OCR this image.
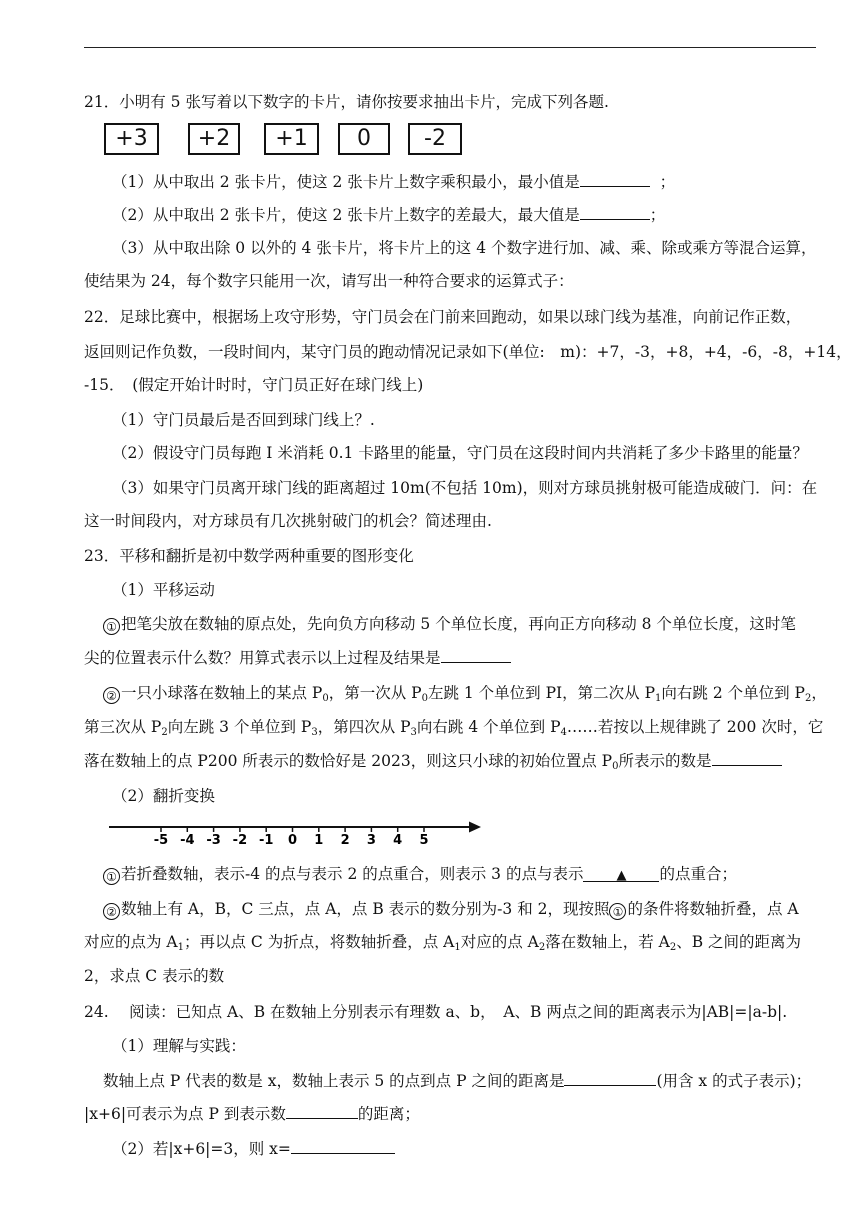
21．小明有 5 张写着以下数字的卡片，请你按要求抽出卡片，完成下列各题.
+3	+2	+1	0	-2
（1）从中取出 2 张卡片，使这 2 张卡片上数字乘积最小，最小值是	；
（2）从中取出 2 张卡片，使这 2 张卡片上数字的差最大，最大值是	；
（3）从中取出除 0 以外的 4 张卡片，将卡片上的这 4 个数字进行加、减、乘、除或乘方等混合运算，
使结果为 24，每个数字只能用一次，请写出一种符合要求的运算式子：
22．足球比赛中，根据场上攻守形势，守门员会在门前来回跑动，如果以球门线为基准，向前记作正数，
返回则记作负数，一段时间内，某守门员的跑动情况记录如下(单位:　m)：+7，-3，+8，+4，-6，-8，+14，
-15．　(假定开始计时时，守门员正好在球门线上)
（1）守门员最后是否回到球门线上？.
（2）假设守门员每跑 I 米消耗 0.1 卡路里的能量，守门员在这段时间内共消耗了多少卡路里的能量？
（3）如果守门员离开球门线的距离超过 10m(不包括 10m)，则对方球员挑射极可能造成破门．问：在
这一时间段内，对方球员有几次挑射破门的机会？简述理由.
23．平移和翻折是初中数学两种重要的图形变化
（1）平移运动
① 把笔尖放在数轴的原点处，先向负方向移动 5 个单位长度，再向正方向移动 8 个单位长度，这时笔
尖的位置表示什么数？用算式表示以上过程及结果是
② 一只小球落在数轴上的某点 $P_0$，第一次从 $P_0$左跳 1 个单位到 PI，第二次从 $P_1$向右跳 2 个单位到 $P_2$，
第三次从 $P_2$向左跳 3 个单位到 $P_3$，第四次从 $P_3$向右跳 4 个单位到 $P_4\dots\dots$若按以上规律跳了 200 次时，它
落在数轴上的点 P200 所表示的数恰好是 2023，则这只小球的初始位置点 $P_0$所表示的数是
（2）翻折变换
-5 -4 -3 -2 -1 0 1 2 3 4 5
① 若折叠数轴，表示-4 的点与表示 2 的点重合，则表示 3 的点与表示	▲ 的点重合；
② 数轴上有 A，B，C 三点，点 A，点 B 表示的数分别为-3 和 2，现按照 ① 的条件将数轴折叠，点 A
对应的点为 $A_1$；再以点 C 为折点，将数轴折叠，点 $A_1$对应的点 $A_2$落在数轴上，若 $A_2$、B 之间的距离为
2，求点 C 表示的数
24.　 阅读：已知点 A、B 在数轴上分别表示有理数 a、b，　A、B 两点之间的距离表示为|AB|=|a-b|.
（1）理解与实践：
数轴上点 P 代表的数是 x，数轴上表示 5 的点到点 P 之间的距离是	(用含 x 的式子表示)；
|x+6|可表示为点 P 到表示数	的距离；
（2）若|x+6|=3，则 x=
